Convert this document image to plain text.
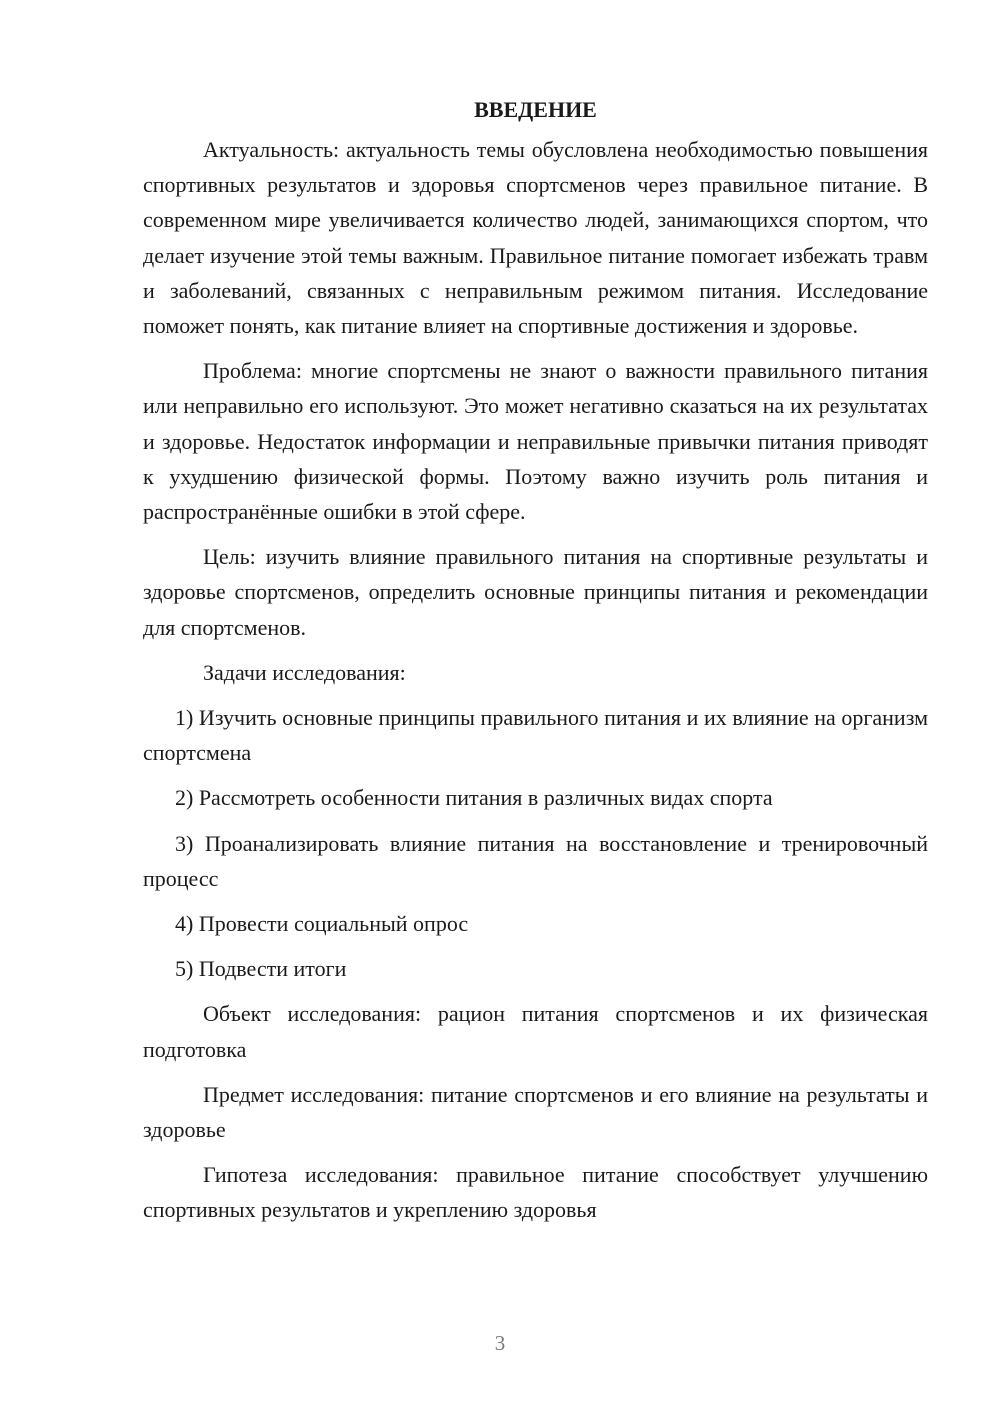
ВВЕДЕНИЕ

Актуальность: актуальность темы обусловлена необходимостью повышения спортивных результатов и здоровья спортсменов через правильное питание. В современном мире увеличивается количество людей, занимающихся спортом, что делает изучение этой темы важным. Правильное питание помогает избежать травм и заболеваний, связанных с неправильным режимом питания. Исследование поможет понять, как питание влияет на спортивные достижения и здоровье.

Проблема: многие спортсмены не знают о важности правильного питания или неправильно его используют. Это может негативно сказаться на их результатах и здоровье. Недостаток информации и неправильные привычки питания приводят к ухудшению физической формы. Поэтому важно изучить роль питания и распространённые ошибки в этой сфере.

Цель: изучить влияние правильного питания на спортивные результаты и здоровье спортсменов, определить основные принципы питания и рекомендации для спортсменов.

Задачи исследования:

1) Изучить основные принципы правильного питания и их влияние на организм спортсмена

2) Рассмотреть особенности питания в различных видах спорта

3) Проанализировать влияние питания на восстановление и тренировочный процесс

4) Провести социальный опрос

5) Подвести итоги

Объект исследования: рацион питания спортсменов и их физическая подготовка

Предмет исследования: питание спортсменов и его влияние на результаты и здоровье

Гипотеза исследования: правильное питание способствует улучшению спортивных результатов и укреплению здоровья

3
